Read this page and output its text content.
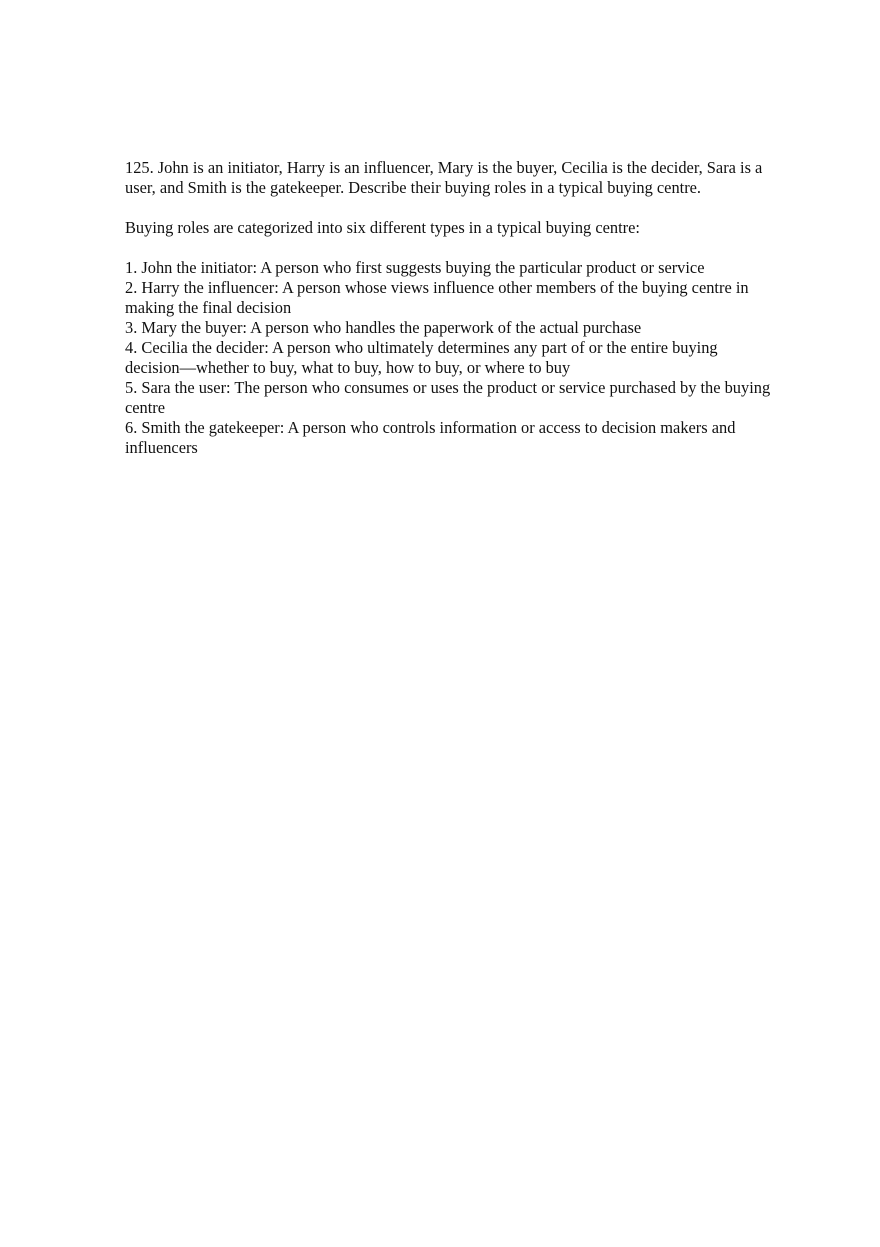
125. John is an initiator, Harry is an influencer, Mary is the buyer, Cecilia is the decider, Sara is a user, and Smith is the gatekeeper. Describe their buying roles in a typical buying centre.

Buying roles are categorized into six different types in a typical buying centre:

1. John the initiator: A person who first suggests buying the particular product or service
2. Harry the influencer: A person whose views influence other members of the buying centre in making the final decision
3. Mary the buyer: A person who handles the paperwork of the actual purchase
4. Cecilia the decider: A person who ultimately determines any part of or the entire buying decision—whether to buy, what to buy, how to buy, or where to buy
5. Sara the user: The person who consumes or uses the product or service purchased by the buying centre
6. Smith the gatekeeper: A person who controls information or access to decision makers and influencers
